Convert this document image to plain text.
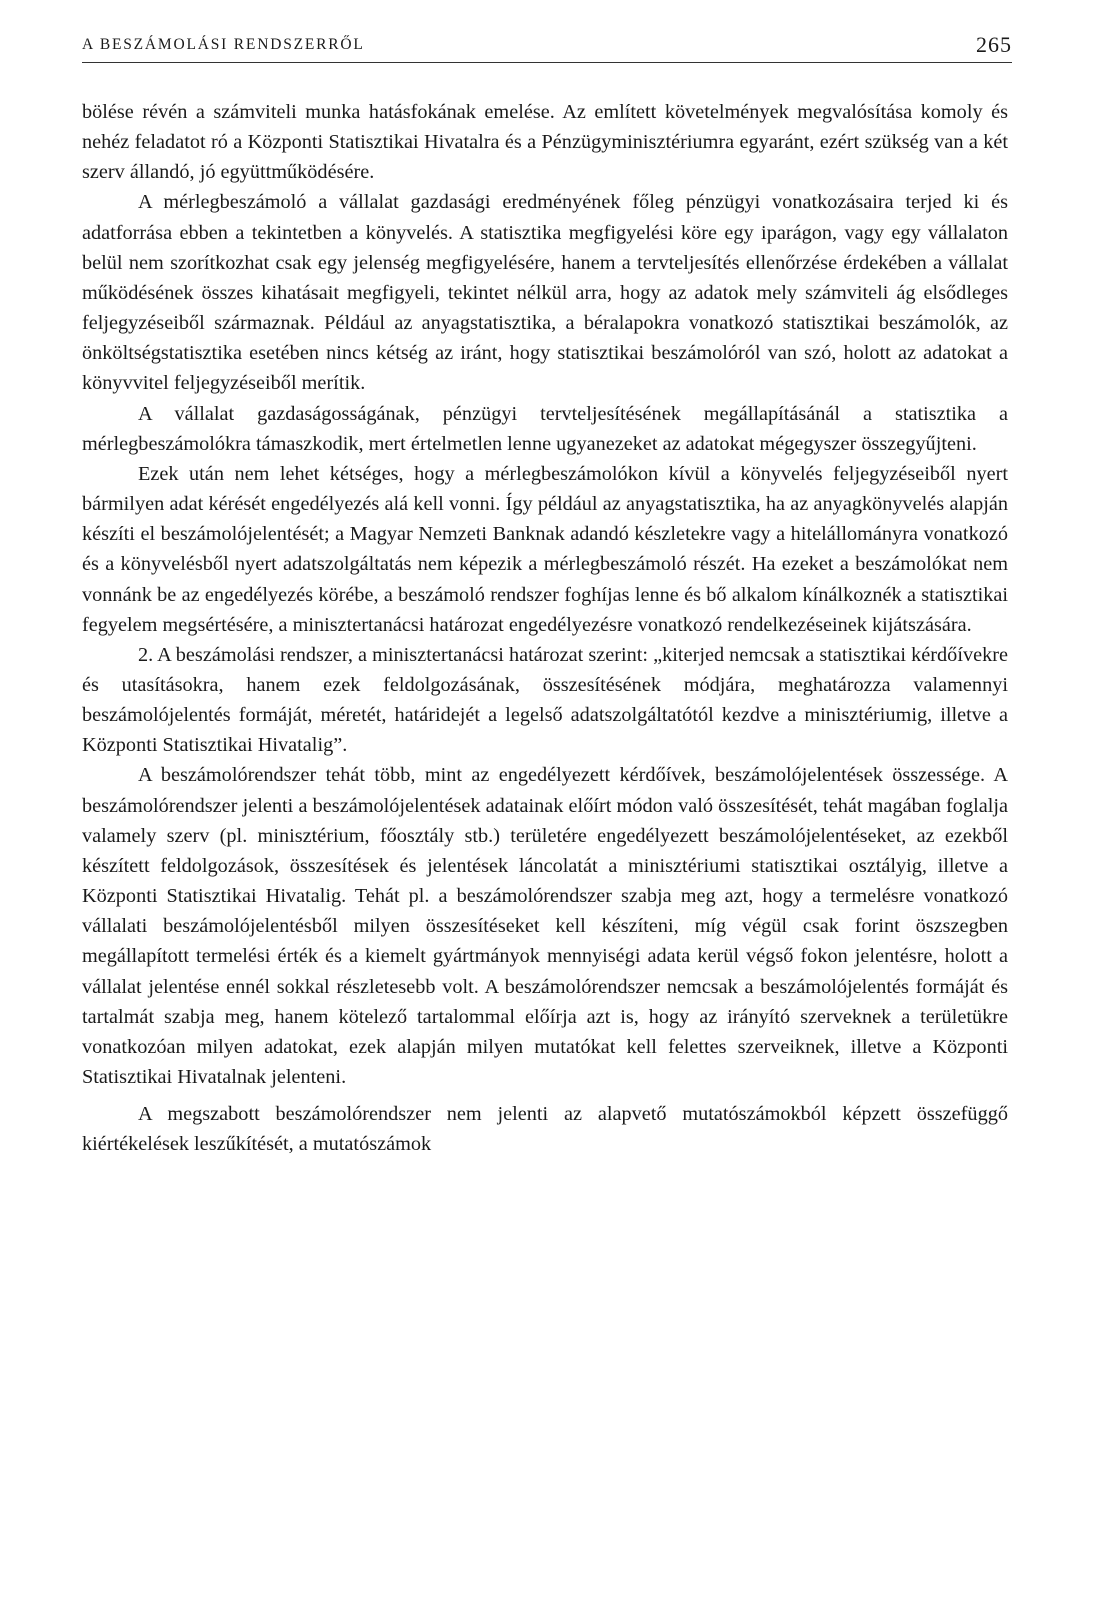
A BESZÁMOLÁSI RENDSZERRŐL	265

bölése révén a számviteli munka hatásfokának emelése. Az említett követelmények megvalósítása komoly és nehéz feladatot ró a Központi Statisztikai Hivatalra és a Pénzügyminisztériumra egyaránt, ezért szükség van a két szerv állandó, jó együttműködésére.

A mérlegbeszámoló a vállalat gazdasági eredményének főleg pénzügyi vonatkozásaira terjed ki és adatforrása ebben a tekintetben a könyvelés. A statisztika megfigyelési köre egy iparágon, vagy egy vállalaton belül nem szorítkozhat csak egy jelenség megfigyelésére, hanem a tervteljesítés ellenőrzése érdekében a vállalat működésének összes kihatásait megfigyeli, tekintet nélkül arra, hogy az adatok mely számviteli ág elsődleges feljegyzéseiből származnak. Például az anyagstatisztika, a béralapokra vonatkozó statisztikai beszámolók, az önköltségstatisztika esetében nincs kétség az iránt, hogy statisztikai beszámolóról van szó, holott az adatokat a könyvvitel feljegyzéseiből merítik.

A vállalat gazdaságosságának, pénzügyi tervteljesítésének megállapításánál a statisztika a mérlegbeszámolókra támaszkodik, mert értelmetlen lenne ugyanezeket az adatokat mégegyszer összegyűjteni.

Ezek után nem lehet kétséges, hogy a mérlegbeszámolókon kívül a könyvelés feljegyzéseiből nyert bármilyen adat kérését engedélyezés alá kell vonni. Így például az anyagstatisztika, ha az anyagkönyvelés alapján készíti el beszámolójelentését; a Magyar Nemzeti Banknak adandó készletekre vagy a hitelállományra vonatkozó és a könyvelésből nyert adatszolgáltatás nem képezik a mérlegbeszámoló részét. Ha ezeket a beszámolókat nem vonnánk be az engedélyezés körébe, a beszámoló rendszer foghíjas lenne és bő alkalom kínálkoznék a statisztikai fegyelem megsértésére, a minisztertanácsi határozat engedélyezésre vonatkozó rendelkezéseinek kijátszására.

2. A beszámolási rendszer, a minisztertanácsi határozat szerint: „kiterjed nemcsak a statisztikai kérdőívekre és utasításokra, hanem ezek feldolgozásának, összesítésének módjára, meghatározza valamennyi beszámolójelentés formáját, méretét, határidejét a legelső adatszolgáltatótól kezdve a minisztériumig, illetve a Központi Statisztikai Hivatalig”.

A beszámolórendszer tehát több, mint az engedélyezett kérdőívek, beszámolójelentések összessége. A beszámolórendszer jelenti a beszámolójelentések adatainak előírt módon való összesítését, tehát magában foglalja valamely szerv (pl. minisztérium, főosztály stb.) területére engedélyezett beszámolójelentéseket, az ezekből készített feldolgozások, összesítések és jelentések láncolatát a minisztériumi statisztikai osztályig, illetve a Központi Statisztikai Hivatalig. Tehát pl. a beszámolórendszer szabja meg azt, hogy a termelésre vonatkozó vállalati beszámolójelentésből milyen összesítéseket kell készíteni, míg végül csak forint öszszegben megállapított termelési érték és a kiemelt gyártmányok mennyiségi adata kerül végső fokon jelentésre, holott a vállalat jelentése ennél sokkal részletesebb volt. A beszámolórendszer nemcsak a beszámolójelentés formáját és tartalmát szabja meg, hanem kötelező tartalommal előírja azt is, hogy az irányító szerveknek a területükre vonatkozóan milyen adatokat, ezek alapján milyen mutatókat kell felettes szerveiknek, illetve a Központi Statisztikai Hivatalnak jelenteni.

A megszabott beszámolórendszer nem jelenti az alapvető mutatószámokból képzett összefüggő kiértékelések leszűkítését, a mutatószámok
